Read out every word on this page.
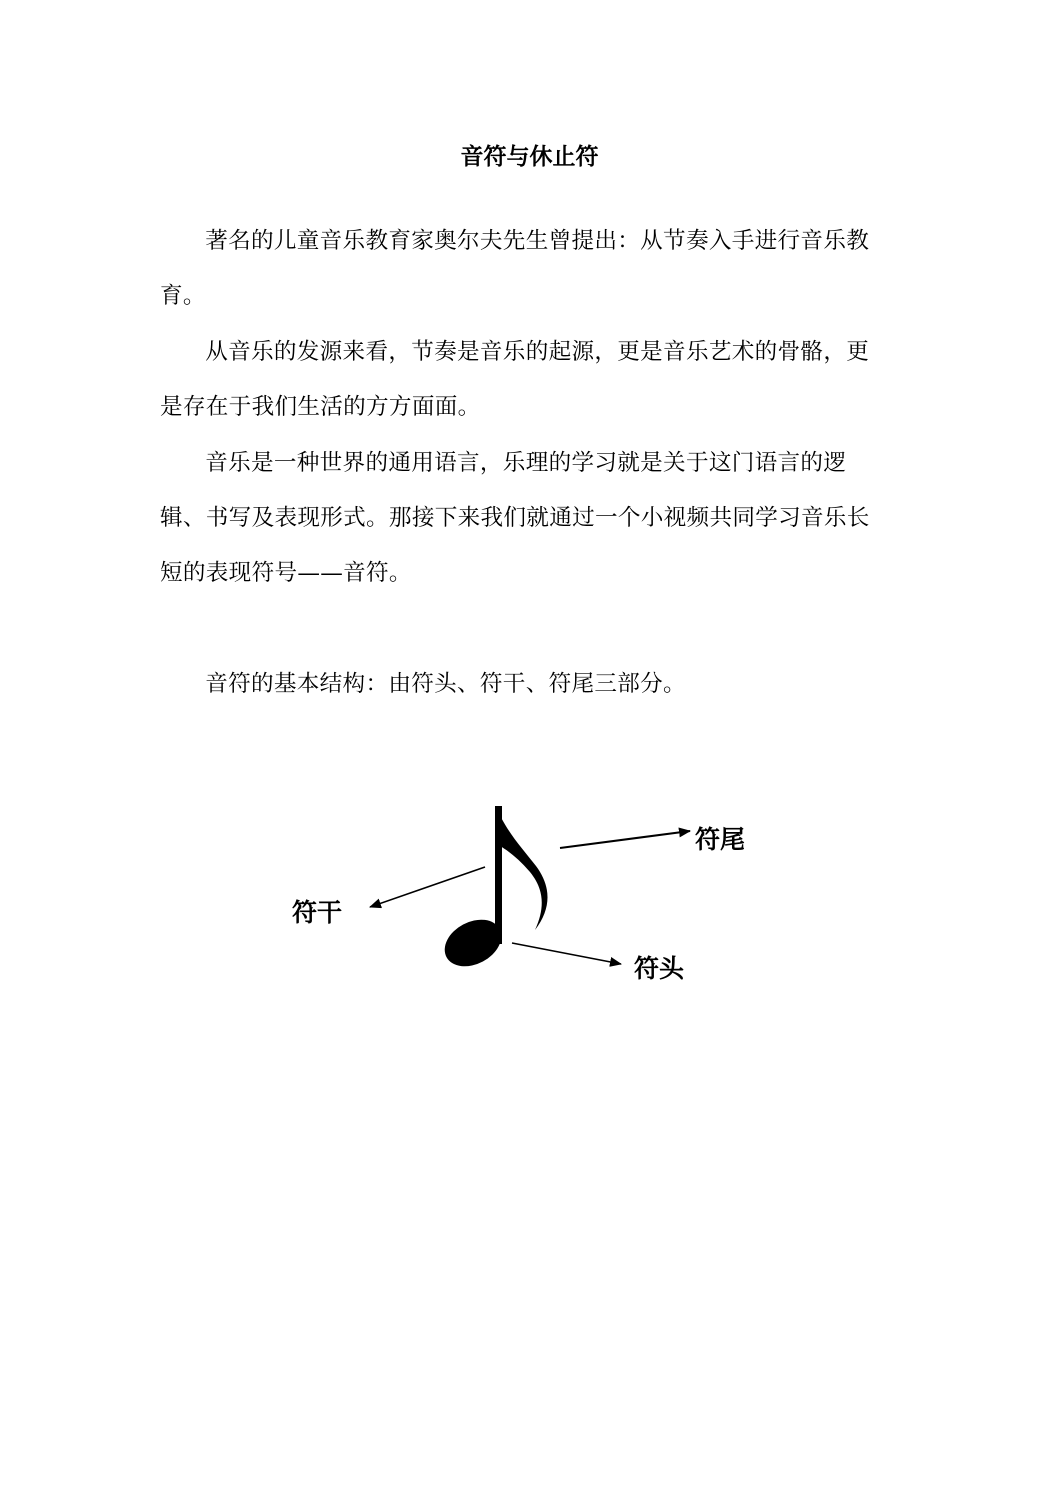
音符与休止符

著名的儿童音乐教育家奥尔夫先生曾提出：从节奏入手进行音乐教育。

从音乐的发源来看，节奏是音乐的起源，更是音乐艺术的骨骼，更是存在于我们生活的方方面面。

音乐是一种世界的通用语言，乐理的学习就是关于这门语言的逻辑、书写及表现形式。那接下来我们就通过一个小视频共同学习音乐长短的表现符号——音符。

音符的基本结构：由符头、符干、符尾三部分。

符尾
符干
符头
